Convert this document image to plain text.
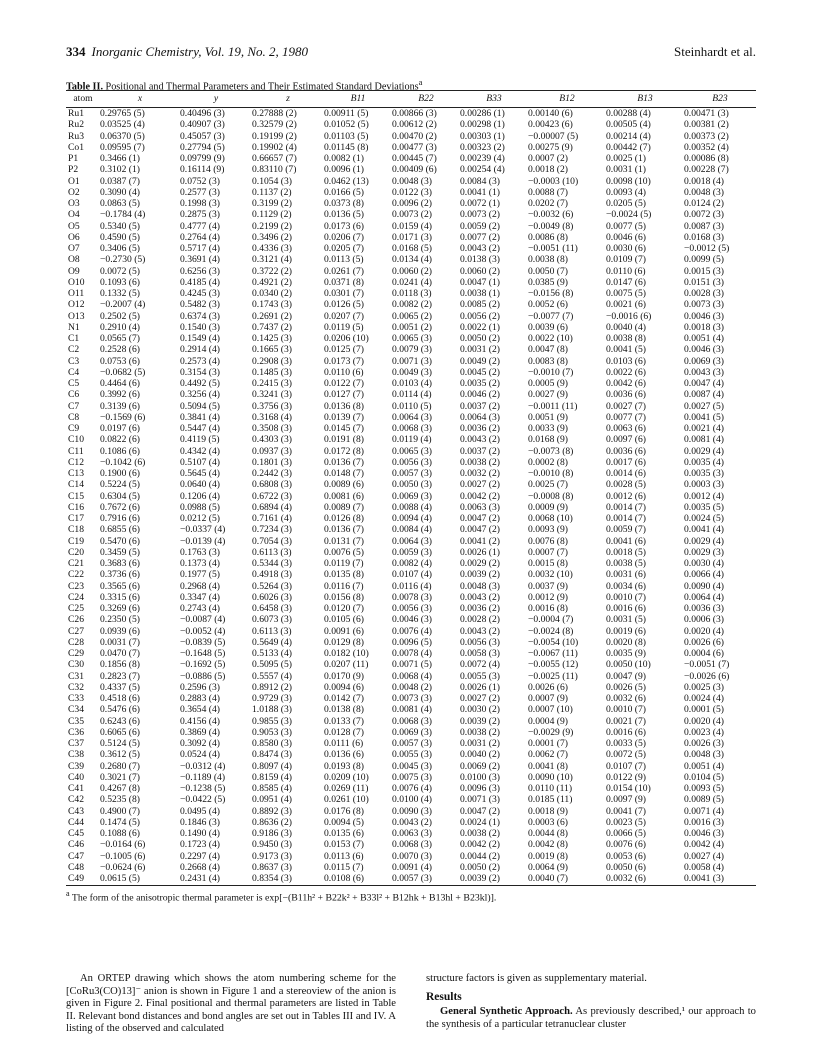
334 Inorganic Chemistry, Vol. 19, No. 2, 1980	Steinhardt et al.
Table II. Positional and Thermal Parameters and Their Estimated Standard Deviations$^a$
atom	x	y	z	B11	B22	B33	B12	B13	B23
Ru1	0.29765 (5)	0.40496 (3)	0.27888 (2)	0.00911 (5)	0.00866 (3)	0.00286 (1)	0.00140 (6)	0.00288 (4)	0.00471 (3)
Ru2	0.03525 (4)	0.40907 (3)	0.32579 (2)	0.01052 (5)	0.00612 (2)	0.00298 (1)	0.00423 (6)	0.00505 (4)	0.00381 (2)
Ru3	0.06370 (5)	0.45057 (3)	0.19199 (2)	0.01103 (5)	0.00470 (2)	0.00303 (1)	−0.00007 (5)	0.00214 (4)	0.00373 (2)
Co1	0.09595 (7)	0.27794 (5)	0.19902 (4)	0.01145 (8)	0.00477 (3)	0.00323 (2)	0.00275 (9)	0.00442 (7)	0.00352 (4)
P1	0.3466 (1)	0.09799 (9)	0.66657 (7)	0.0082 (1)	0.00445 (7)	0.00239 (4)	0.0007 (2)	0.0025 (1)	0.00086 (8)
P2	0.3102 (1)	0.16114 (9)	0.83110 (7)	0.0096 (1)	0.00409 (6)	0.00254 (4)	0.0018 (2)	0.0031 (1)	0.00228 (7)
O1	0.0387 (7)	0.0752 (3)	0.1054 (3)	0.0462 (13)	0.0048 (3)	0.0084 (3)	−0.0003 (10)	0.0098 (10)	0.0018 (4)
O2	0.3090 (4)	0.2577 (3)	0.1137 (2)	0.0166 (5)	0.0122 (3)	0.0041 (1)	0.0088 (7)	0.0093 (4)	0.0048 (3)
O3	0.0863 (5)	0.1998 (3)	0.3199 (2)	0.0373 (8)	0.0096 (2)	0.0072 (1)	0.0202 (7)	0.0205 (5)	0.0124 (2)
O4	−0.1784 (4)	0.2875 (3)	0.1129 (2)	0.0136 (5)	0.0073 (2)	0.0073 (2)	−0.0032 (6)	−0.0024 (5)	0.0072 (3)
O5	0.5340 (5)	0.4777 (4)	0.2199 (2)	0.0173 (6)	0.0159 (4)	0.0059 (2)	−0.0049 (8)	0.0077 (5)	0.0087 (3)
O6	0.4590 (5)	0.2764 (4)	0.3496 (2)	0.0206 (7)	0.0171 (3)	0.0077 (2)	0.0086 (8)	0.0046 (6)	0.0168 (3)
O7	0.3406 (5)	0.5717 (4)	0.4336 (3)	0.0205 (7)	0.0168 (5)	0.0043 (2)	−0.0051 (11)	0.0030 (6)	−0.0012 (5)
O8	−0.2730 (5)	0.3691 (4)	0.3121 (4)	0.0113 (5)	0.0134 (4)	0.0138 (3)	0.0038 (8)	0.0109 (7)	0.0099 (5)
O9	0.0072 (5)	0.6256 (3)	0.3722 (2)	0.0261 (7)	0.0060 (2)	0.0060 (2)	0.0050 (7)	0.0110 (6)	0.0015 (3)
O10	0.1093 (6)	0.4185 (4)	0.4921 (2)	0.0371 (8)	0.0241 (4)	0.0047 (1)	0.0385 (9)	0.0147 (6)	0.0151 (3)
O11	0.1332 (5)	0.4245 (3)	0.0340 (2)	0.0301 (7)	0.0118 (3)	0.0038 (1)	−0.0156 (8)	0.0075 (5)	0.0028 (3)
O12	−0.2007 (4)	0.5482 (3)	0.1743 (3)	0.0126 (5)	0.0082 (2)	0.0085 (2)	0.0052 (6)	0.0021 (6)	0.0073 (3)
O13	0.2502 (5)	0.6374 (3)	0.2691 (2)	0.0207 (7)	0.0065 (2)	0.0056 (2)	−0.0077 (7)	−0.0016 (6)	0.0046 (3)
N1	0.2910 (4)	0.1540 (3)	0.7437 (2)	0.0119 (5)	0.0051 (2)	0.0022 (1)	0.0039 (6)	0.0040 (4)	0.0018 (3)
C1	0.0565 (7)	0.1549 (4)	0.1425 (3)	0.0206 (10)	0.0065 (3)	0.0050 (2)	0.0022 (10)	0.0038 (8)	0.0051 (4)
C2	0.2528 (6)	0.2914 (4)	0.1665 (3)	0.0125 (7)	0.0079 (3)	0.0031 (2)	0.0047 (8)	0.0041 (5)	0.0046 (3)
C3	0.0753 (6)	0.2573 (4)	0.2908 (3)	0.0173 (7)	0.0071 (3)	0.0049 (2)	0.0083 (8)	0.0103 (6)	0.0069 (3)
C4	−0.0682 (5)	0.3154 (3)	0.1485 (3)	0.0110 (6)	0.0049 (3)	0.0045 (2)	−0.0010 (7)	0.0022 (6)	0.0043 (3)
C5	0.4464 (6)	0.4492 (5)	0.2415 (3)	0.0122 (7)	0.0103 (4)	0.0035 (2)	0.0005 (9)	0.0042 (6)	0.0047 (4)
C6	0.3992 (6)	0.3256 (4)	0.3241 (3)	0.0127 (7)	0.0114 (4)	0.0046 (2)	0.0027 (9)	0.0036 (6)	0.0087 (4)
C7	0.3139 (6)	0.5094 (5)	0.3756 (3)	0.0136 (8)	0.0110 (5)	0.0037 (2)	−0.0011 (11)	0.0027 (7)	0.0027 (5)
C8	−0.1569 (6)	0.3841 (4)	0.3168 (4)	0.0139 (7)	0.0064 (3)	0.0064 (3)	0.0051 (9)	0.0077 (7)	0.0041 (5)
C9	0.0197 (6)	0.5447 (4)	0.3508 (3)	0.0145 (7)	0.0068 (3)	0.0036 (2)	0.0033 (9)	0.0063 (6)	0.0021 (4)
C10	0.0822 (6)	0.4119 (5)	0.4303 (3)	0.0191 (8)	0.0119 (4)	0.0043 (2)	0.0168 (9)	0.0097 (6)	0.0081 (4)
C11	0.1086 (6)	0.4342 (4)	0.0937 (3)	0.0172 (8)	0.0065 (3)	0.0037 (2)	−0.0073 (8)	0.0036 (6)	0.0029 (4)
C12	−0.1042 (6)	0.5107 (4)	0.1801 (3)	0.0136 (7)	0.0056 (3)	0.0038 (2)	0.0002 (8)	0.0017 (6)	0.0035 (4)
C13	0.1900 (6)	0.5645 (4)	0.2442 (3)	0.0148 (7)	0.0057 (3)	0.0032 (2)	−0.0010 (8)	0.0014 (6)	0.0035 (3)
C14	0.5224 (5)	0.0640 (4)	0.6808 (3)	0.0089 (6)	0.0050 (3)	0.0027 (2)	0.0025 (7)	0.0028 (5)	0.0003 (3)
C15	0.6304 (5)	0.1206 (4)	0.6722 (3)	0.0081 (6)	0.0069 (3)	0.0042 (2)	−0.0008 (8)	0.0012 (6)	0.0012 (4)
C16	0.7672 (6)	0.0988 (5)	0.6894 (4)	0.0089 (7)	0.0088 (4)	0.0063 (3)	0.0009 (9)	0.0014 (7)	0.0035 (5)
C17	0.7916 (6)	0.0212 (5)	0.7161 (4)	0.0126 (8)	0.0094 (4)	0.0047 (2)	0.0068 (10)	0.0014 (7)	0.0024 (5)
C18	0.6855 (6)	−0.0337 (4)	0.7234 (3)	0.0136 (7)	0.0084 (4)	0.0047 (2)	0.0093 (9)	0.0059 (7)	0.0041 (4)
C19	0.5470 (6)	−0.0139 (4)	0.7054 (3)	0.0131 (7)	0.0064 (3)	0.0041 (2)	0.0076 (8)	0.0041 (6)	0.0029 (4)
C20	0.3459 (5)	0.1763 (3)	0.6113 (3)	0.0076 (5)	0.0059 (3)	0.0026 (1)	0.0007 (7)	0.0018 (5)	0.0029 (3)
C21	0.3683 (6)	0.1373 (4)	0.5344 (3)	0.0119 (7)	0.0082 (4)	0.0029 (2)	0.0015 (8)	0.0038 (5)	0.0030 (4)
C22	0.3736 (6)	0.1977 (5)	0.4918 (3)	0.0135 (8)	0.0107 (4)	0.0039 (2)	0.0032 (10)	0.0031 (6)	0.0066 (4)
C23	0.3565 (6)	0.2968 (4)	0.5264 (3)	0.0116 (7)	0.0116 (4)	0.0048 (3)	0.0037 (9)	0.0034 (6)	0.0090 (4)
C24	0.3315 (6)	0.3347 (4)	0.6026 (3)	0.0156 (8)	0.0078 (3)	0.0043 (2)	0.0012 (9)	0.0010 (7)	0.0064 (4)
C25	0.3269 (6)	0.2743 (4)	0.6458 (3)	0.0120 (7)	0.0056 (3)	0.0036 (2)	0.0016 (8)	0.0016 (6)	0.0036 (3)
C26	0.2350 (5)	−0.0087 (4)	0.6073 (3)	0.0105 (6)	0.0046 (3)	0.0028 (2)	−0.0004 (7)	0.0031 (5)	0.0006 (3)
C27	0.0939 (6)	−0.0052 (4)	0.6113 (3)	0.0091 (6)	0.0076 (4)	0.0043 (2)	−0.0024 (8)	0.0019 (6)	0.0020 (4)
C28	0.0031 (7)	−0.0839 (5)	0.5649 (4)	0.0129 (8)	0.0096 (5)	0.0056 (3)	−0.0054 (10)	0.0020 (8)	0.0026 (6)
C29	0.0470 (7)	−0.1648 (5)	0.5133 (4)	0.0182 (10)	0.0078 (4)	0.0058 (3)	−0.0067 (11)	0.0035 (9)	0.0004 (6)
C30	0.1856 (8)	−0.1692 (5)	0.5095 (5)	0.0207 (11)	0.0071 (5)	0.0072 (4)	−0.0055 (12)	0.0050 (10)	−0.0051 (7)
C31	0.2823 (7)	−0.0886 (5)	0.5557 (4)	0.0170 (9)	0.0068 (4)	0.0055 (3)	−0.0025 (11)	0.0047 (9)	−0.0026 (6)
C32	0.4337 (5)	0.2596 (3)	0.8912 (2)	0.0094 (6)	0.0048 (2)	0.0026 (1)	0.0026 (6)	0.0026 (5)	0.0025 (3)
C33	0.4518 (6)	0.2883 (4)	0.9729 (3)	0.0142 (7)	0.0073 (3)	0.0027 (2)	0.0007 (9)	0.0032 (6)	0.0024 (4)
C34	0.5476 (6)	0.3654 (4)	1.0188 (3)	0.0138 (8)	0.0081 (4)	0.0030 (2)	0.0007 (10)	0.0010 (7)	0.0001 (5)
C35	0.6243 (6)	0.4156 (4)	0.9855 (3)	0.0133 (7)	0.0068 (3)	0.0039 (2)	0.0004 (9)	0.0021 (7)	0.0020 (4)
C36	0.6065 (6)	0.3869 (4)	0.9053 (3)	0.0128 (7)	0.0069 (3)	0.0038 (2)	−0.0029 (9)	0.0016 (6)	0.0023 (4)
C37	0.5124 (5)	0.3092 (4)	0.8580 (3)	0.0111 (6)	0.0057 (3)	0.0031 (2)	0.0001 (7)	0.0033 (5)	0.0026 (3)
C38	0.3612 (5)	0.0524 (4)	0.8474 (3)	0.0136 (6)	0.0055 (3)	0.0040 (2)	0.0062 (7)	0.0072 (5)	0.0048 (3)
C39	0.2680 (7)	−0.0312 (4)	0.8097 (4)	0.0193 (8)	0.0045 (3)	0.0069 (2)	0.0041 (8)	0.0107 (7)	0.0051 (4)
C40	0.3021 (7)	−0.1189 (4)	0.8159 (4)	0.0209 (10)	0.0075 (3)	0.0100 (3)	0.0090 (10)	0.0122 (9)	0.0104 (5)
C41	0.4267 (8)	−0.1238 (5)	0.8585 (4)	0.0269 (11)	0.0076 (4)	0.0096 (3)	0.0110 (11)	0.0154 (10)	0.0093 (5)
C42	0.5235 (8)	−0.0422 (5)	0.0951 (4)	0.0261 (10)	0.0100 (4)	0.0071 (3)	0.0185 (11)	0.0097 (9)	0.0089 (5)
C43	0.4900 (7)	0.0495 (4)	0.8892 (3)	0.0176 (8)	0.0090 (3)	0.0047 (2)	0.0018 (9)	0.0041 (7)	0.0071 (4)
C44	0.1474 (5)	0.1846 (3)	0.8636 (2)	0.0094 (5)	0.0043 (2)	0.0024 (1)	0.0003 (6)	0.0023 (5)	0.0016 (3)
C45	0.1088 (6)	0.1490 (4)	0.9186 (3)	0.0135 (6)	0.0063 (3)	0.0038 (2)	0.0044 (8)	0.0066 (5)	0.0046 (3)
C46	−0.0164 (6)	0.1723 (4)	0.9450 (3)	0.0153 (7)	0.0068 (3)	0.0042 (2)	0.0042 (8)	0.0076 (6)	0.0042 (4)
C47	−0.1005 (6)	0.2297 (4)	0.9173 (3)	0.0113 (6)	0.0070 (3)	0.0044 (2)	0.0019 (8)	0.0053 (6)	0.0027 (4)
C48	−0.0624 (6)	0.2668 (4)	0.8637 (3)	0.0115 (7)	0.0091 (4)	0.0050 (2)	0.0064 (9)	0.0050 (6)	0.0058 (4)
C49	0.0615 (5)	0.2431 (4)	0.8354 (3)	0.0108 (6)	0.0057 (3)	0.0039 (2)	0.0040 (7)	0.0032 (6)	0.0041 (3)
$^a$ The form of the anisotropic thermal parameter is exp[−(B11h² + B22k² + B33l² + B12hk + B13hl + B23kl)].

An ORTEP drawing which shows the atom numbering scheme for the [CoRu3(CO)13]⁻ anion is shown in Figure 1 and a stereoview of the anion is given in Figure 2. Final positional and thermal parameters are listed in Table II. Relevant bond distances and bond angles are set out in Tables III and IV. A listing of the observed and calculated

structure factors is given as supplementary material.

Results

General Synthetic Approach. As previously described,¹ our approach to the synthesis of a particular tetranuclear cluster
